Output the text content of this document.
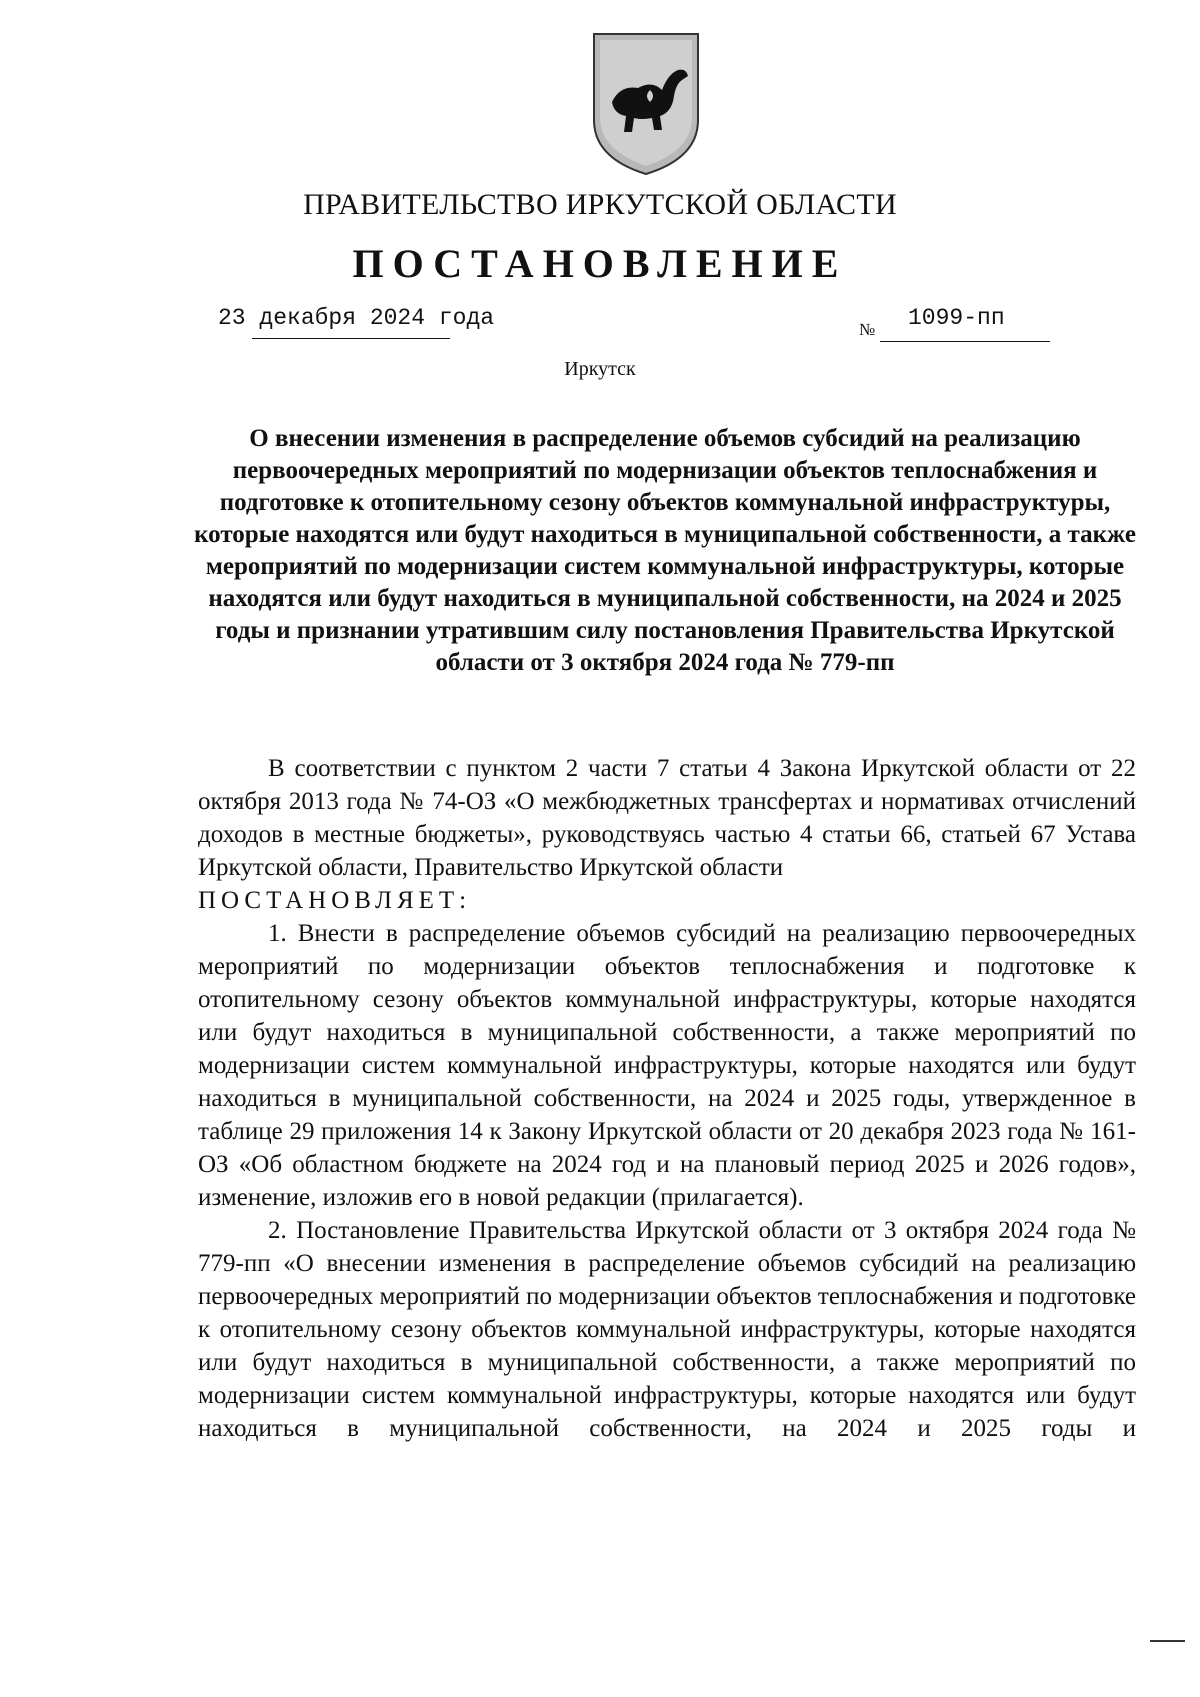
ПРАВИТЕЛЬСТВО ИРКУТСКОЙ ОБЛАСТИ
ПОСТАНОВЛЕНИЕ
23 декабря 2024 года	№ 1099-пп
Иркутск
О внесении изменения в распределение объемов субсидий на реализацию первоочередных мероприятий по модернизации объектов теплоснабжения и подготовке к отопительному сезону объектов коммунальной инфраструктуры, которые находятся или будут находиться в муниципальной собственности, а также мероприятий по модернизации систем коммунальной инфраструктуры, которые находятся или будут находиться в муниципальной собственности, на 2024 и 2025 годы и признании утратившим силу постановления Правительства Иркутской области от 3 октября 2024 года № 779-пп

В соответствии с пунктом 2 части 7 статьи 4 Закона Иркутской области от 22 октября 2013 года № 74-ОЗ «О межбюджетных трансфертах и нормативах отчислений доходов в местные бюджеты», руководствуясь частью 4 статьи 66, статьей 67 Устава Иркутской области, Правительство Иркутской области

ПОСТАНОВЛЯЕТ:

1. Внести в распределение объемов субсидий на реализацию первоочередных мероприятий по модернизации объектов теплоснабжения и подготовке к отопительному сезону объектов коммунальной инфраструктуры, которые находятся или будут находиться в муниципальной собственности, а также мероприятий по модернизации систем коммунальной инфраструктуры, которые находятся или будут находиться в муниципальной собственности, на 2024 и 2025 годы, утвержденное в таблице 29 приложения 14 к Закону Иркутской области от 20 декабря 2023 года № 161-ОЗ «Об областном бюджете на 2024 год и на плановый период 2025 и 2026 годов», изменение, изложив его в новой редакции (прилагается).

2. Постановление Правительства Иркутской области от 3 октября 2024 года № 779-пп «О внесении изменения в распределение объемов субсидий на реализацию первоочередных мероприятий по модернизации объектов теплоснабжения и подготовке к отопительному сезону объектов коммунальной инфраструктуры, которые находятся или будут находиться в муниципальной собственности, а также мероприятий по модернизации систем коммунальной инфраструктуры, которые находятся или будут находиться в муниципальной собственности, на 2024 и 2025 годы и
